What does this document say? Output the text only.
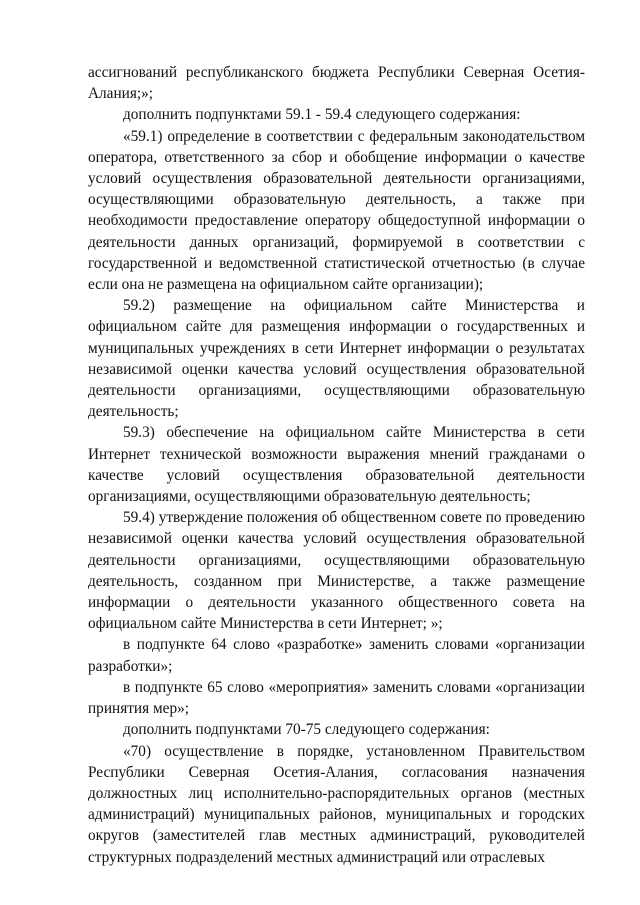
ассигнований республиканского бюджета Республики Северная Осетия-Алания;»;

дополнить подпунктами 59.1 - 59.4 следующего содержания:

«59.1) определение в соответствии с федеральным законодательством оператора, ответственного за сбор и обобщение информации о качестве условий осуществления образовательной деятельности организациями, осуществляющими образовательную деятельность, а также при необходимости предоставление оператору общедоступной информации о деятельности данных организаций, формируемой в соответствии с государственной и ведомственной статистической отчетностью (в случае если она не размещена на официальном сайте организации);

59.2) размещение на официальном сайте Министерства и официальном сайте для размещения информации о государственных и муниципальных учреждениях в сети Интернет информации о результатах независимой оценки качества условий осуществления образовательной деятельности организациями, осуществляющими образовательную деятельность;

59.3) обеспечение на официальном сайте Министерства в сети Интернет технической возможности выражения мнений гражданами о качестве условий осуществления образовательной деятельности организациями, осуществляющими образовательную деятельность;

59.4) утверждение положения об общественном совете по проведению независимой оценки качества условий осуществления образовательной деятельности организациями, осуществляющими образовательную деятельность, созданном при Министерстве, а также размещение информации о деятельности указанного общественного совета на официальном сайте Министерства в сети Интернет; »;

в подпункте 64 слово «разработке» заменить словами «организации разработки»;

в подпункте 65 слово «мероприятия» заменить словами «организации принятия мер»;

дополнить подпунктами 70-75 следующего содержания:

«70) осуществление в порядке, установленном Правительством Республики Северная Осетия-Алания, согласования назначения должностных лиц исполнительно-распорядительных органов (местных администраций) муниципальных районов, муниципальных и городских округов (заместителей глав местных администраций, руководителей структурных подразделений местных администраций или отраслевых
